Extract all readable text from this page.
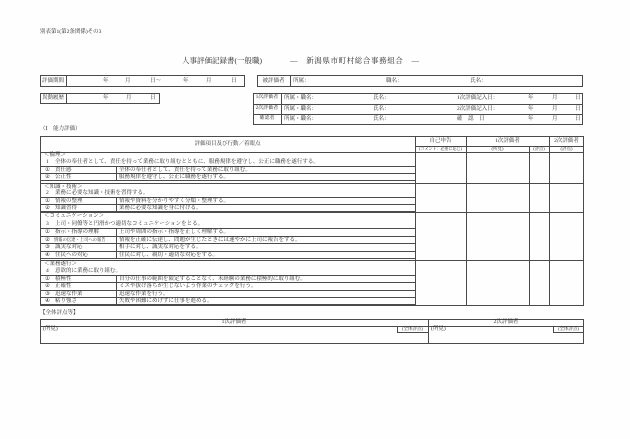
別表第1(第2条関係)その3
人事評価記録書(一般職)	—　新潟県市町村総合事務組合　—
評価期間	年	月	日～	年	月	日	被評価者	所属：	職名：	氏名：
異動履歴	年	月	日	1次評価者	所属・職名：	氏名：	1次評価記入日：	年	月	日
2次評価者	所属・職名：	氏名：	2次評価記入日：	年	月	日
確認者	所属・職名：	氏名：	確　認　日	年	月	日
（Ⅰ　能力評価）
評価項目及び行動／着眼点	自己申告	1次評価者	2次評価者
(コメント：必要に応じ)	(所見)	(評点)	(評点)
＜倫理＞
1 全体の奉仕者として、責任を持って業務に取り組むとともに、服務規律を遵守し、公正に職務を遂行する。
① 責任感	全体の奉仕者として、責任を持って業務に取り組む。
② 公正性	服務規律を遵守し、公正に職務を遂行する。
＜知識・技術＞
2 業務に必要な知識・技術を習得する。
① 情報の整理	情報や資料を分かりやすく分類・整理する。
② 知識習得	業務に必要な知識を身に付ける。
＜コミュニケーション＞
3 上司・同僚等と円滑かつ適切なコミュニケーションをとる。
① 指示・指導の理解	上司や周囲の指示・指導を正しく理解する。
② 情報の伝達・上司への報告 情報を正確に伝達し、問題が生じたときには速やかに上司に報告をする。
③ 誠実な対応	相手に対し、誠実な対応をする。
④ 住民への対応	住民に対し、親切・適切な対応をする。
＜業務遂行＞
4 意欲的に業務に取り組む。
① 積極性	自分の仕事の範囲を限定することなく、未経験の業務に積極的に取り組む。
② 正確性	ミスや抜け落ちが生じないよう作業のチェックを行う。
③ 迅速な作業	迅速な作業を行う。
④ 粘り強さ	失敗や困難にめげずに仕事を進める。
【全体評点等】
1次評価者	2次評価者
(所見)	(全体評点)	(所見)	(全体評点)
